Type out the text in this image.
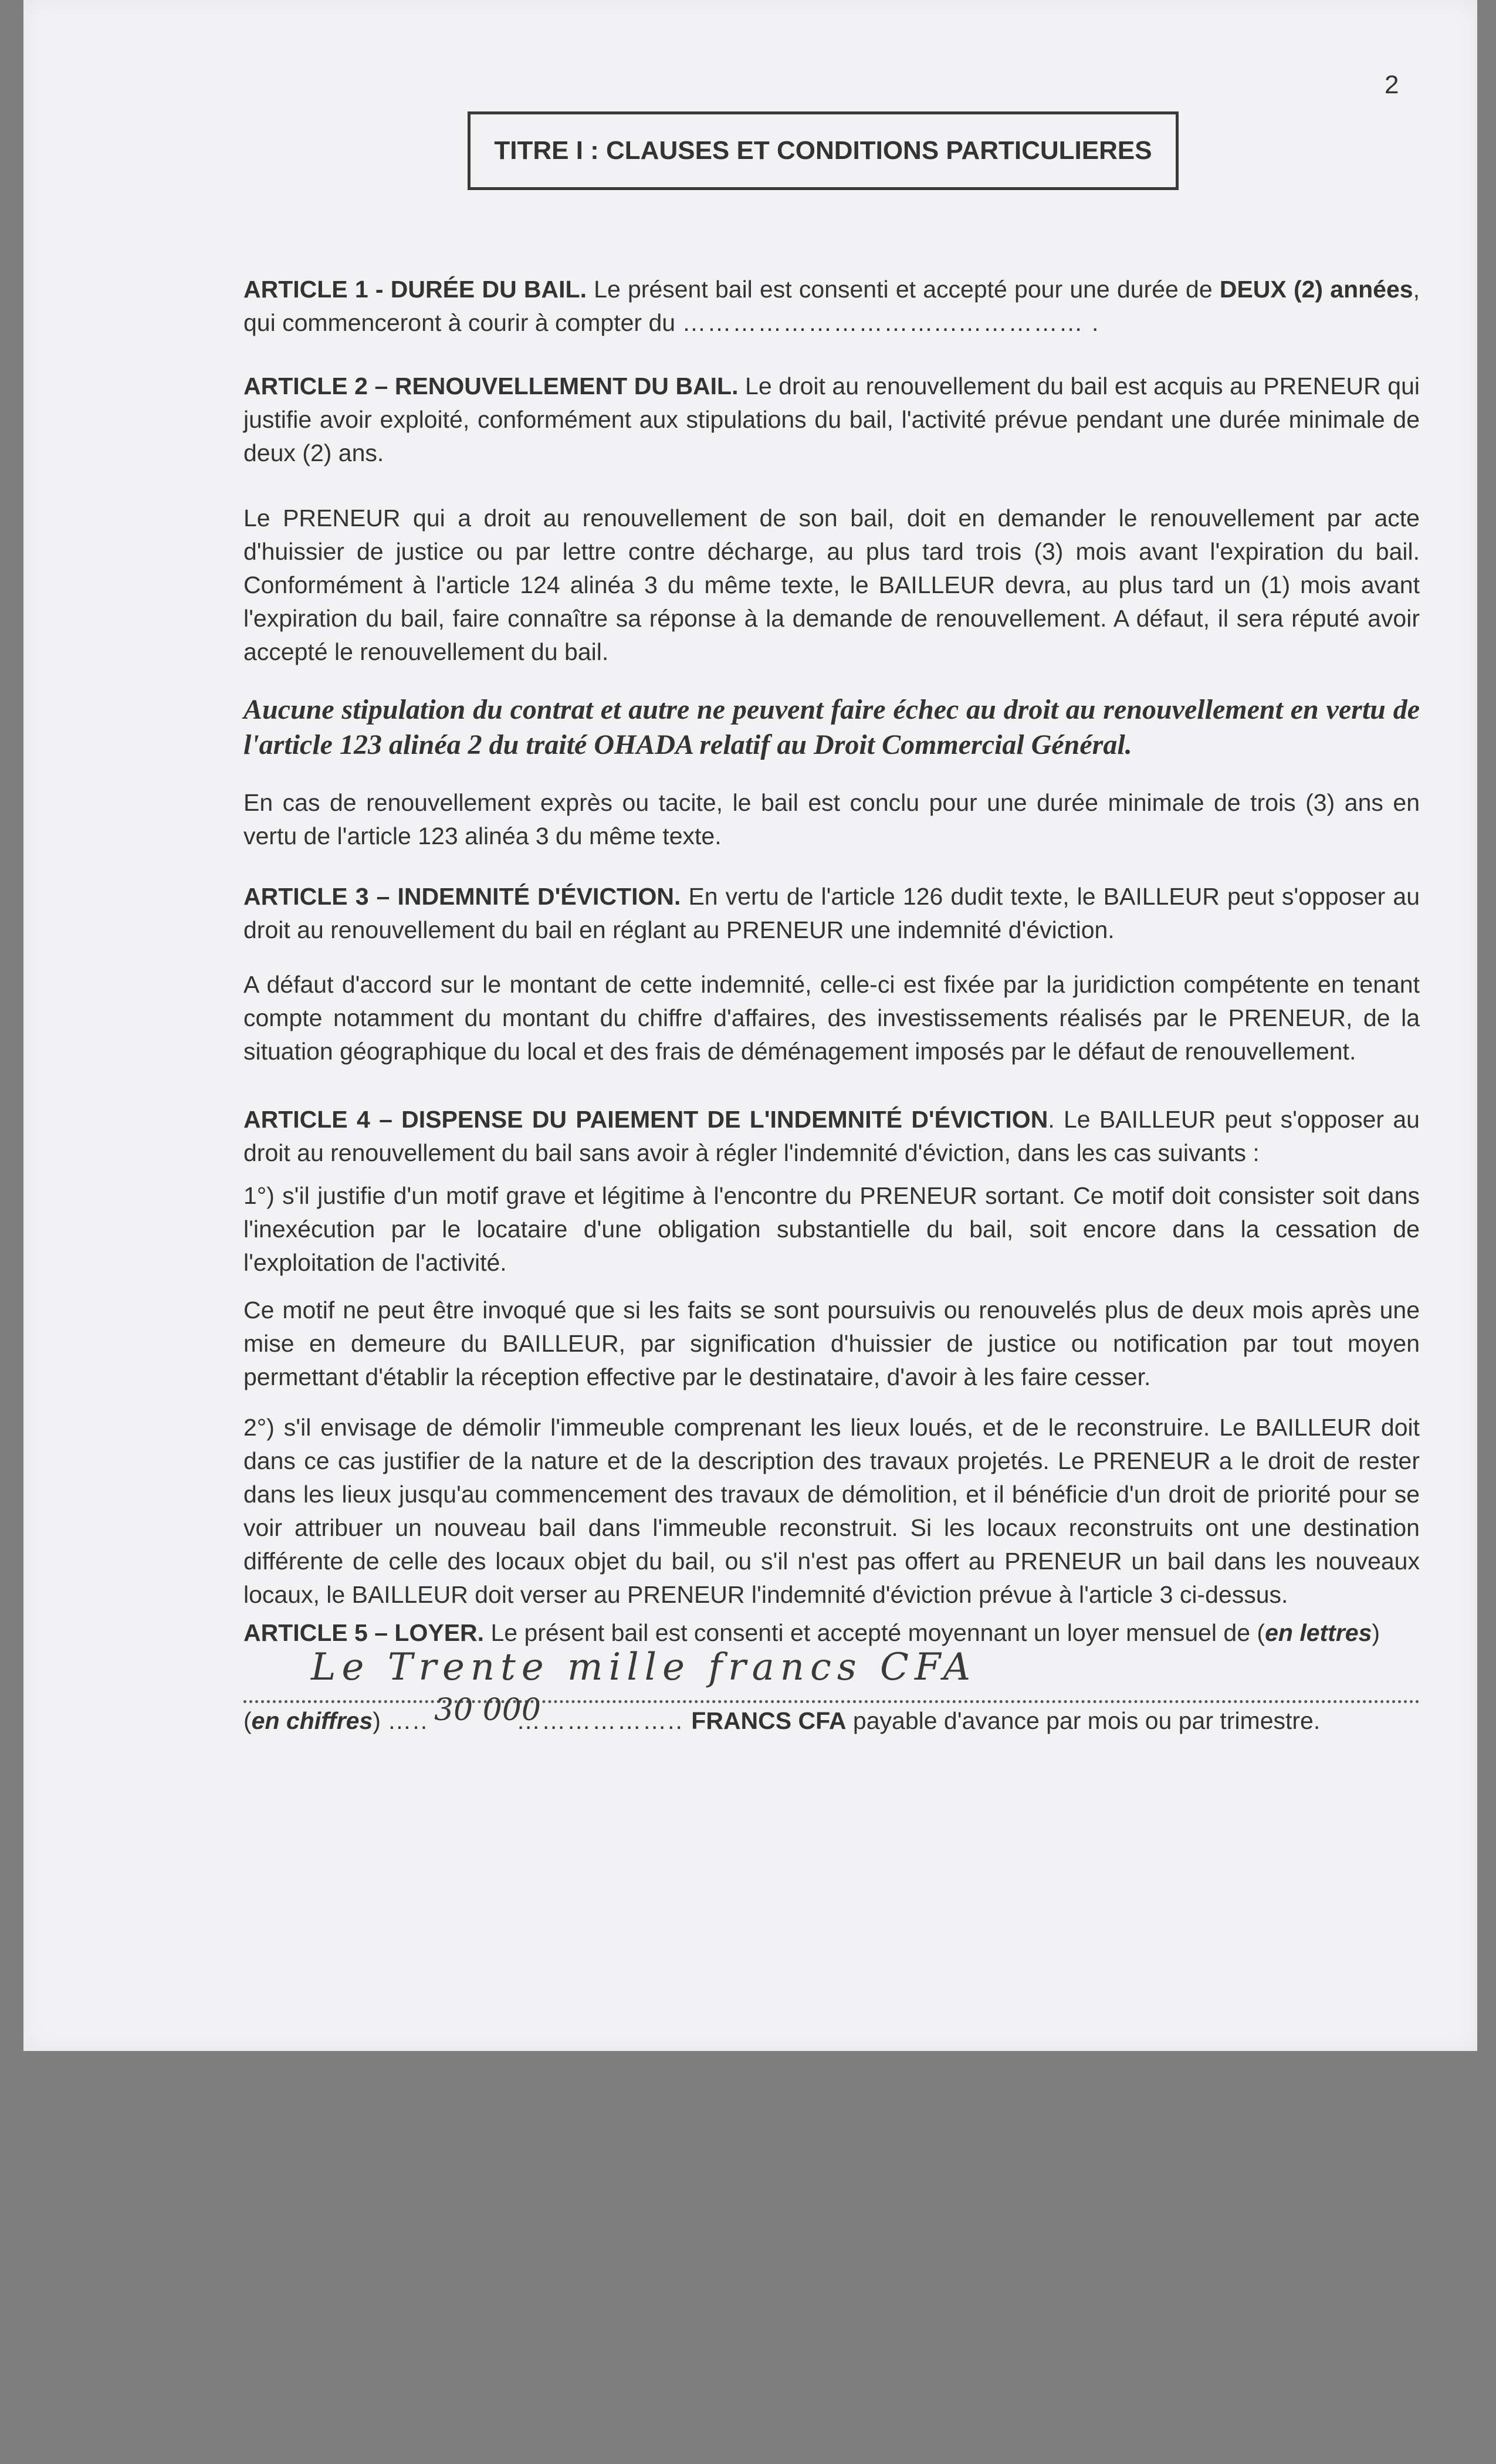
2
TITRE I : CLAUSES ET CONDITIONS PARTICULIERES
ARTICLE 1 - DURÉE DU BAIL. Le présent bail est consenti et accepté pour une durée de DEUX (2) années, qui commenceront à courir à compter du …………………………...…………… .
ARTICLE 2 – RENOUVELLEMENT DU BAIL. Le droit au renouvellement du bail est acquis au PRENEUR qui justifie avoir exploité, conformément aux stipulations du bail, l'activité prévue pendant une durée minimale de deux (2) ans.
Le PRENEUR qui a droit au renouvellement de son bail, doit en demander le renouvellement par acte d'huissier de justice ou par lettre contre décharge, au plus tard trois (3) mois avant l'expiration du bail. Conformément à l'article 124 alinéa 3 du même texte, le BAILLEUR devra, au plus tard un (1) mois avant l'expiration du bail, faire connaître sa réponse à la demande de renouvellement. A défaut, il sera réputé avoir accepté le renouvellement du bail.
Aucune stipulation du contrat et autre ne peuvent faire échec au droit au renouvellement en vertu de l'article 123 alinéa 2 du traité OHADA relatif au Droit Commercial Général.
En cas de renouvellement exprès ou tacite, le bail est conclu pour une durée minimale de trois (3) ans en vertu de l'article 123 alinéa 3 du même texte.
ARTICLE 3 – INDEMNITÉ D'ÉVICTION. En vertu de l'article 126 dudit texte, le BAILLEUR peut s'opposer au droit au renouvellement du bail en réglant au PRENEUR une indemnité d'éviction.
A défaut d'accord sur le montant de cette indemnité, celle-ci est fixée par la juridiction compétente en tenant compte notamment du montant du chiffre d'affaires, des investissements réalisés par le PRENEUR, de la situation géographique du local et des frais de déménagement imposés par le défaut de renouvellement.
ARTICLE 4 – DISPENSE DU PAIEMENT DE L'INDEMNITÉ D'ÉVICTION. Le BAILLEUR peut s'opposer au droit au renouvellement du bail sans avoir à régler l'indemnité d'éviction, dans les cas suivants :
1°) s'il justifie d'un motif grave et légitime à l'encontre du PRENEUR sortant. Ce motif doit consister soit dans l'inexécution par le locataire d'une obligation substantielle du bail, soit encore dans la cessation de l'exploitation de l'activité.
Ce motif ne peut être invoqué que si les faits se sont poursuivis ou renouvelés plus de deux mois après une mise en demeure du BAILLEUR, par signification d'huissier de justice ou notification par tout moyen permettant d'établir la réception effective par le destinataire, d'avoir à les faire cesser.
2°) s'il envisage de démolir l'immeuble comprenant les lieux loués, et de le reconstruire. Le BAILLEUR doit dans ce cas justifier de la nature et de la description des travaux projetés. Le PRENEUR a le droit de rester dans les lieux jusqu'au commencement des travaux de démolition, et il bénéficie d'un droit de priorité pour se voir attribuer un nouveau bail dans l'immeuble reconstruit. Si les locaux reconstruits ont une destination différente de celle des locaux objet du bail, ou s'il n'est pas offert au PRENEUR un bail dans les nouveaux locaux, le BAILLEUR doit verser au PRENEUR l'indemnité d'éviction prévue à l'article 3 ci-dessus.
ARTICLE 5 – LOYER. Le présent bail est consenti et accepté moyennant un loyer mensuel de (en lettres)
Le Trente mille francs CFA
(en chiffres) …..	……………….. FRANCS CFA payable d'avance par mois ou par trimestre.
30 000
